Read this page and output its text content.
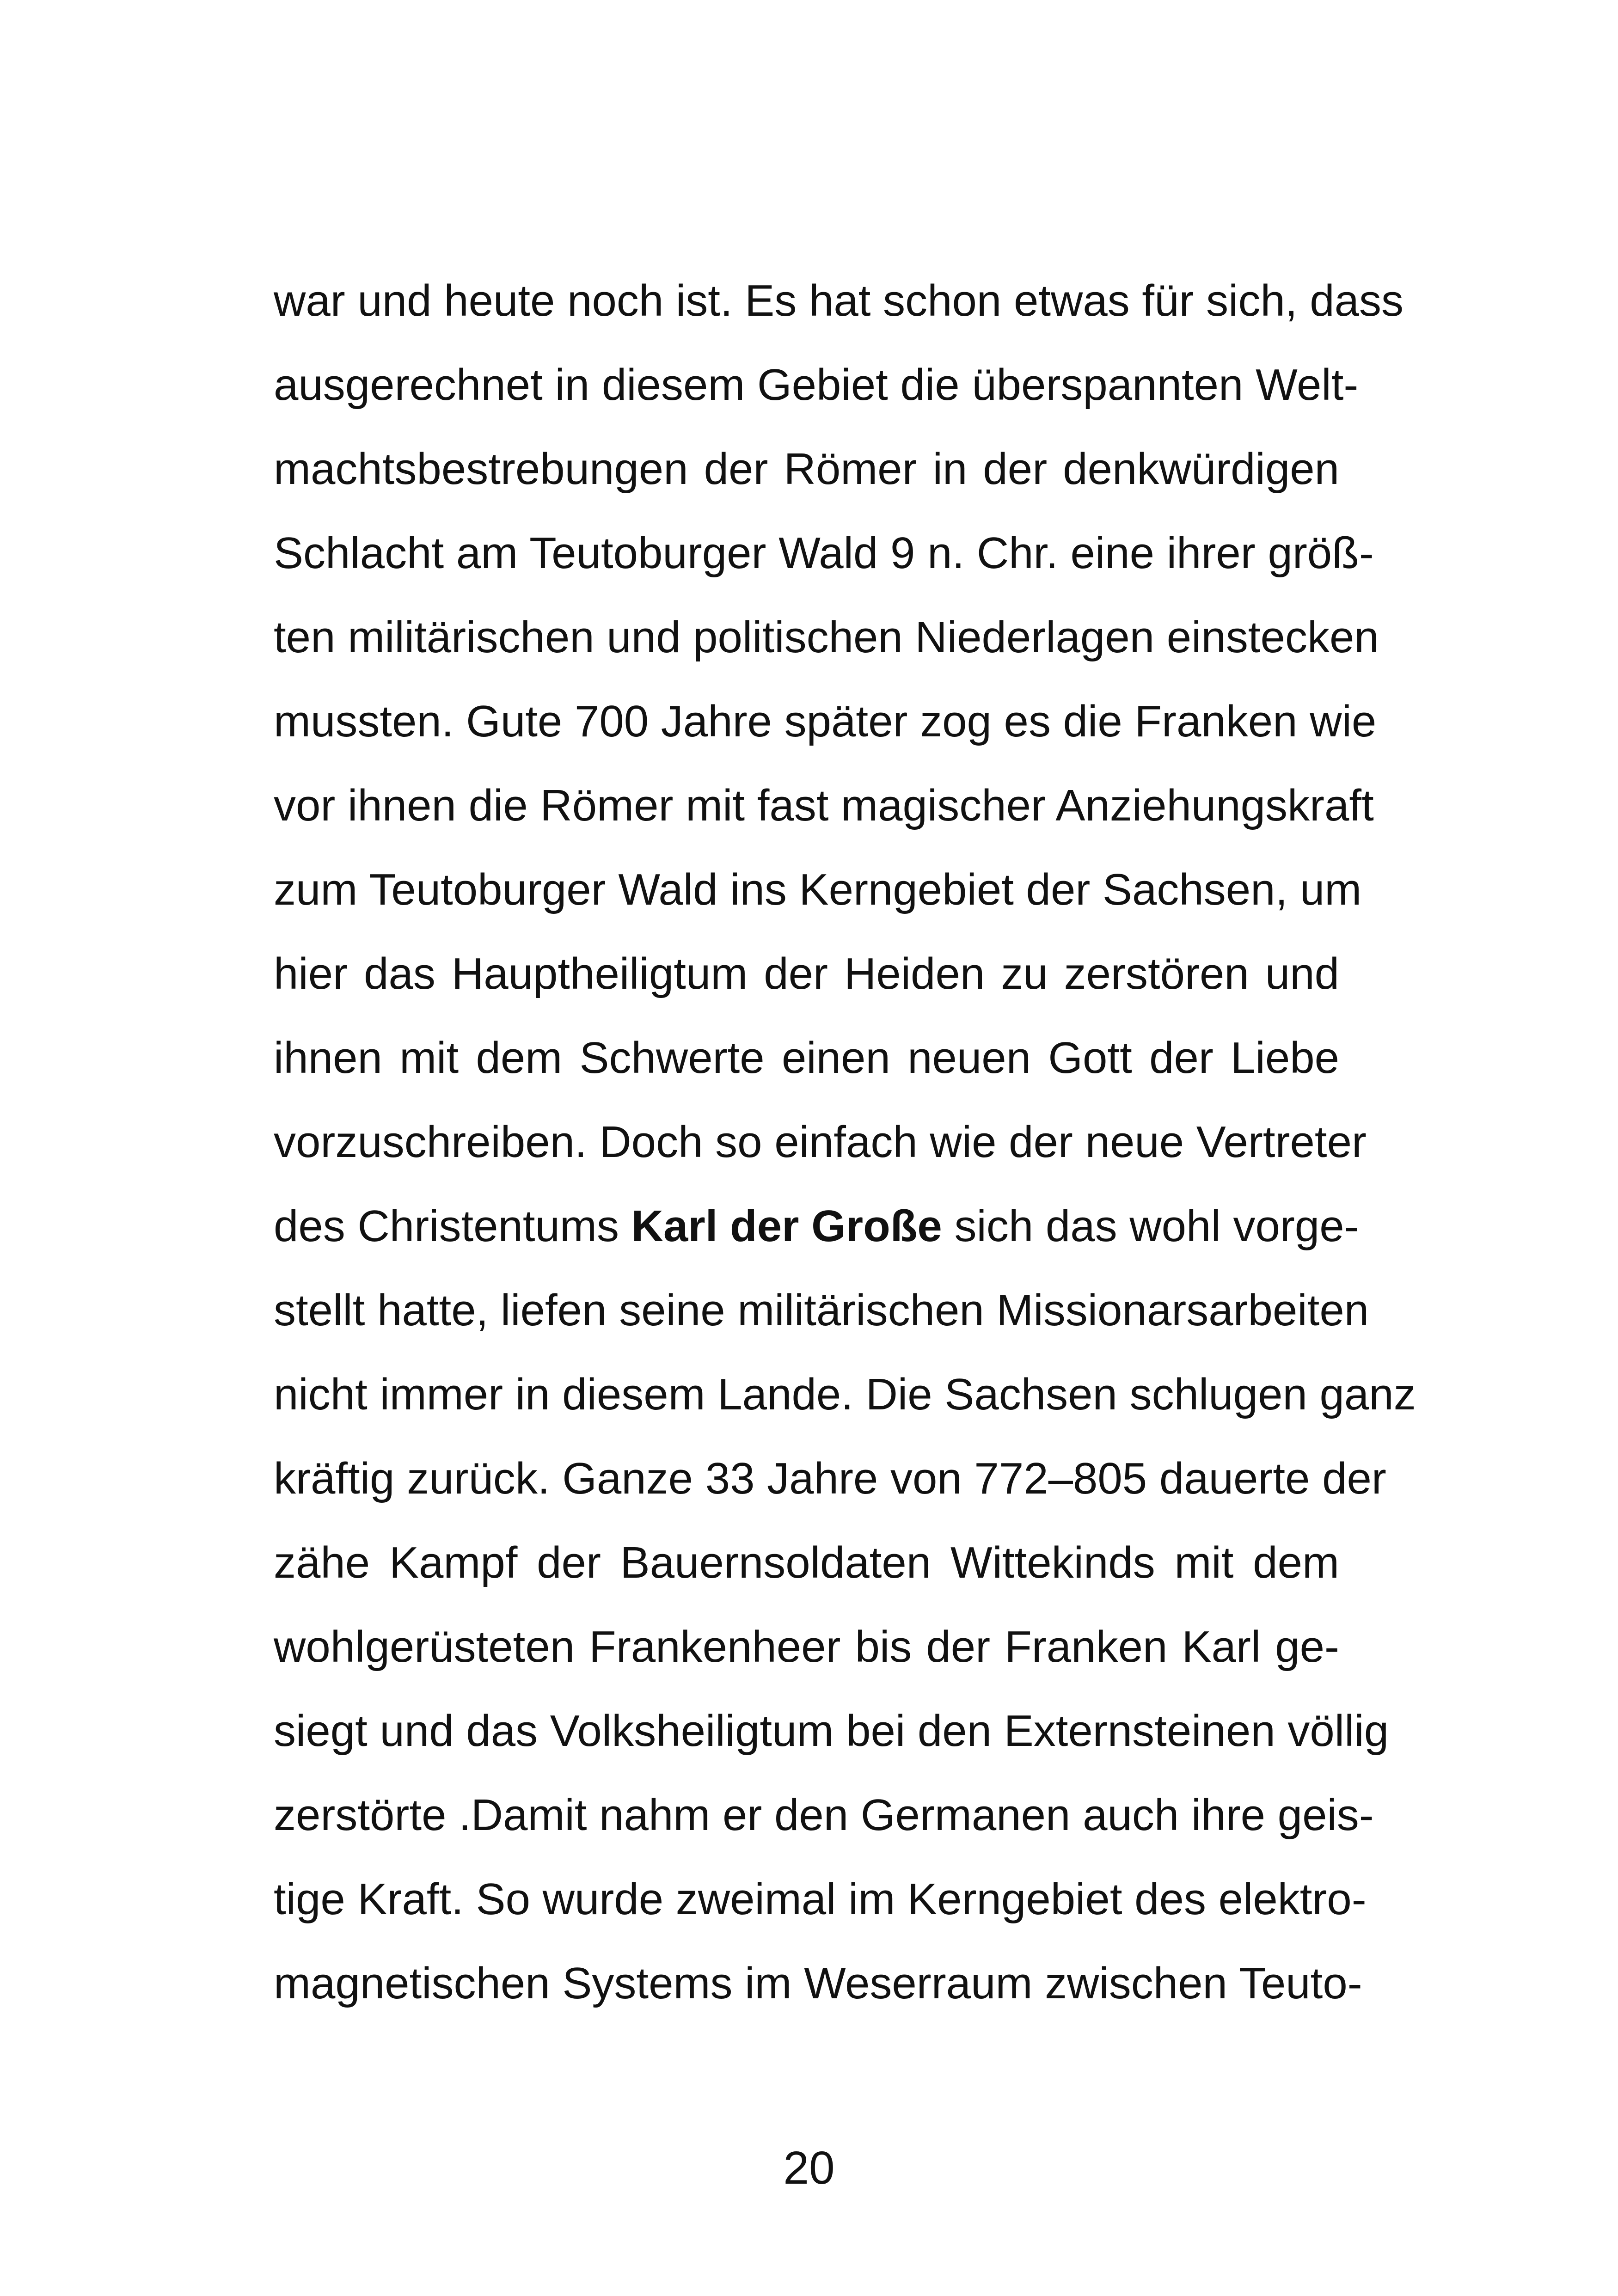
war und heute noch ist. Es hat schon etwas für sich, dass
ausgerechnet in diesem Gebiet die überspannten Welt-
machtsbestrebungen der Römer in der denkwürdigen
Schlacht am Teutoburger Wald 9 n. Chr. eine ihrer größ-
ten militärischen und politischen Niederlagen einstecken
mussten. Gute 700 Jahre später zog es die Franken wie
vor ihnen die Römer mit fast magischer Anziehungskraft
zum Teutoburger Wald ins Kerngebiet der Sachsen, um
hier das Hauptheiligtum der Heiden zu zerstören und
ihnen mit dem Schwerte einen neuen Gott der Liebe
vorzuschreiben. Doch so einfach wie der neue Vertreter
des Christentums Karl der Große sich das wohl vorge-
stellt hatte, liefen seine militärischen Missionarsarbeiten
nicht immer in diesem Lande. Die Sachsen schlugen ganz
kräftig zurück. Ganze 33 Jahre von 772–805 dauerte der
zähe Kampf der Bauernsoldaten Wittekinds mit dem
wohlgerüsteten Frankenheer bis der Franken Karl ge-
siegt und das Volksheiligtum bei den Externsteinen völlig
zerstörte .Damit nahm er den Germanen auch ihre geis-
tige Kraft. So wurde zweimal im Kerngebiet des elektro-
magnetischen Systems im Weserraum zwischen Teuto-
20
